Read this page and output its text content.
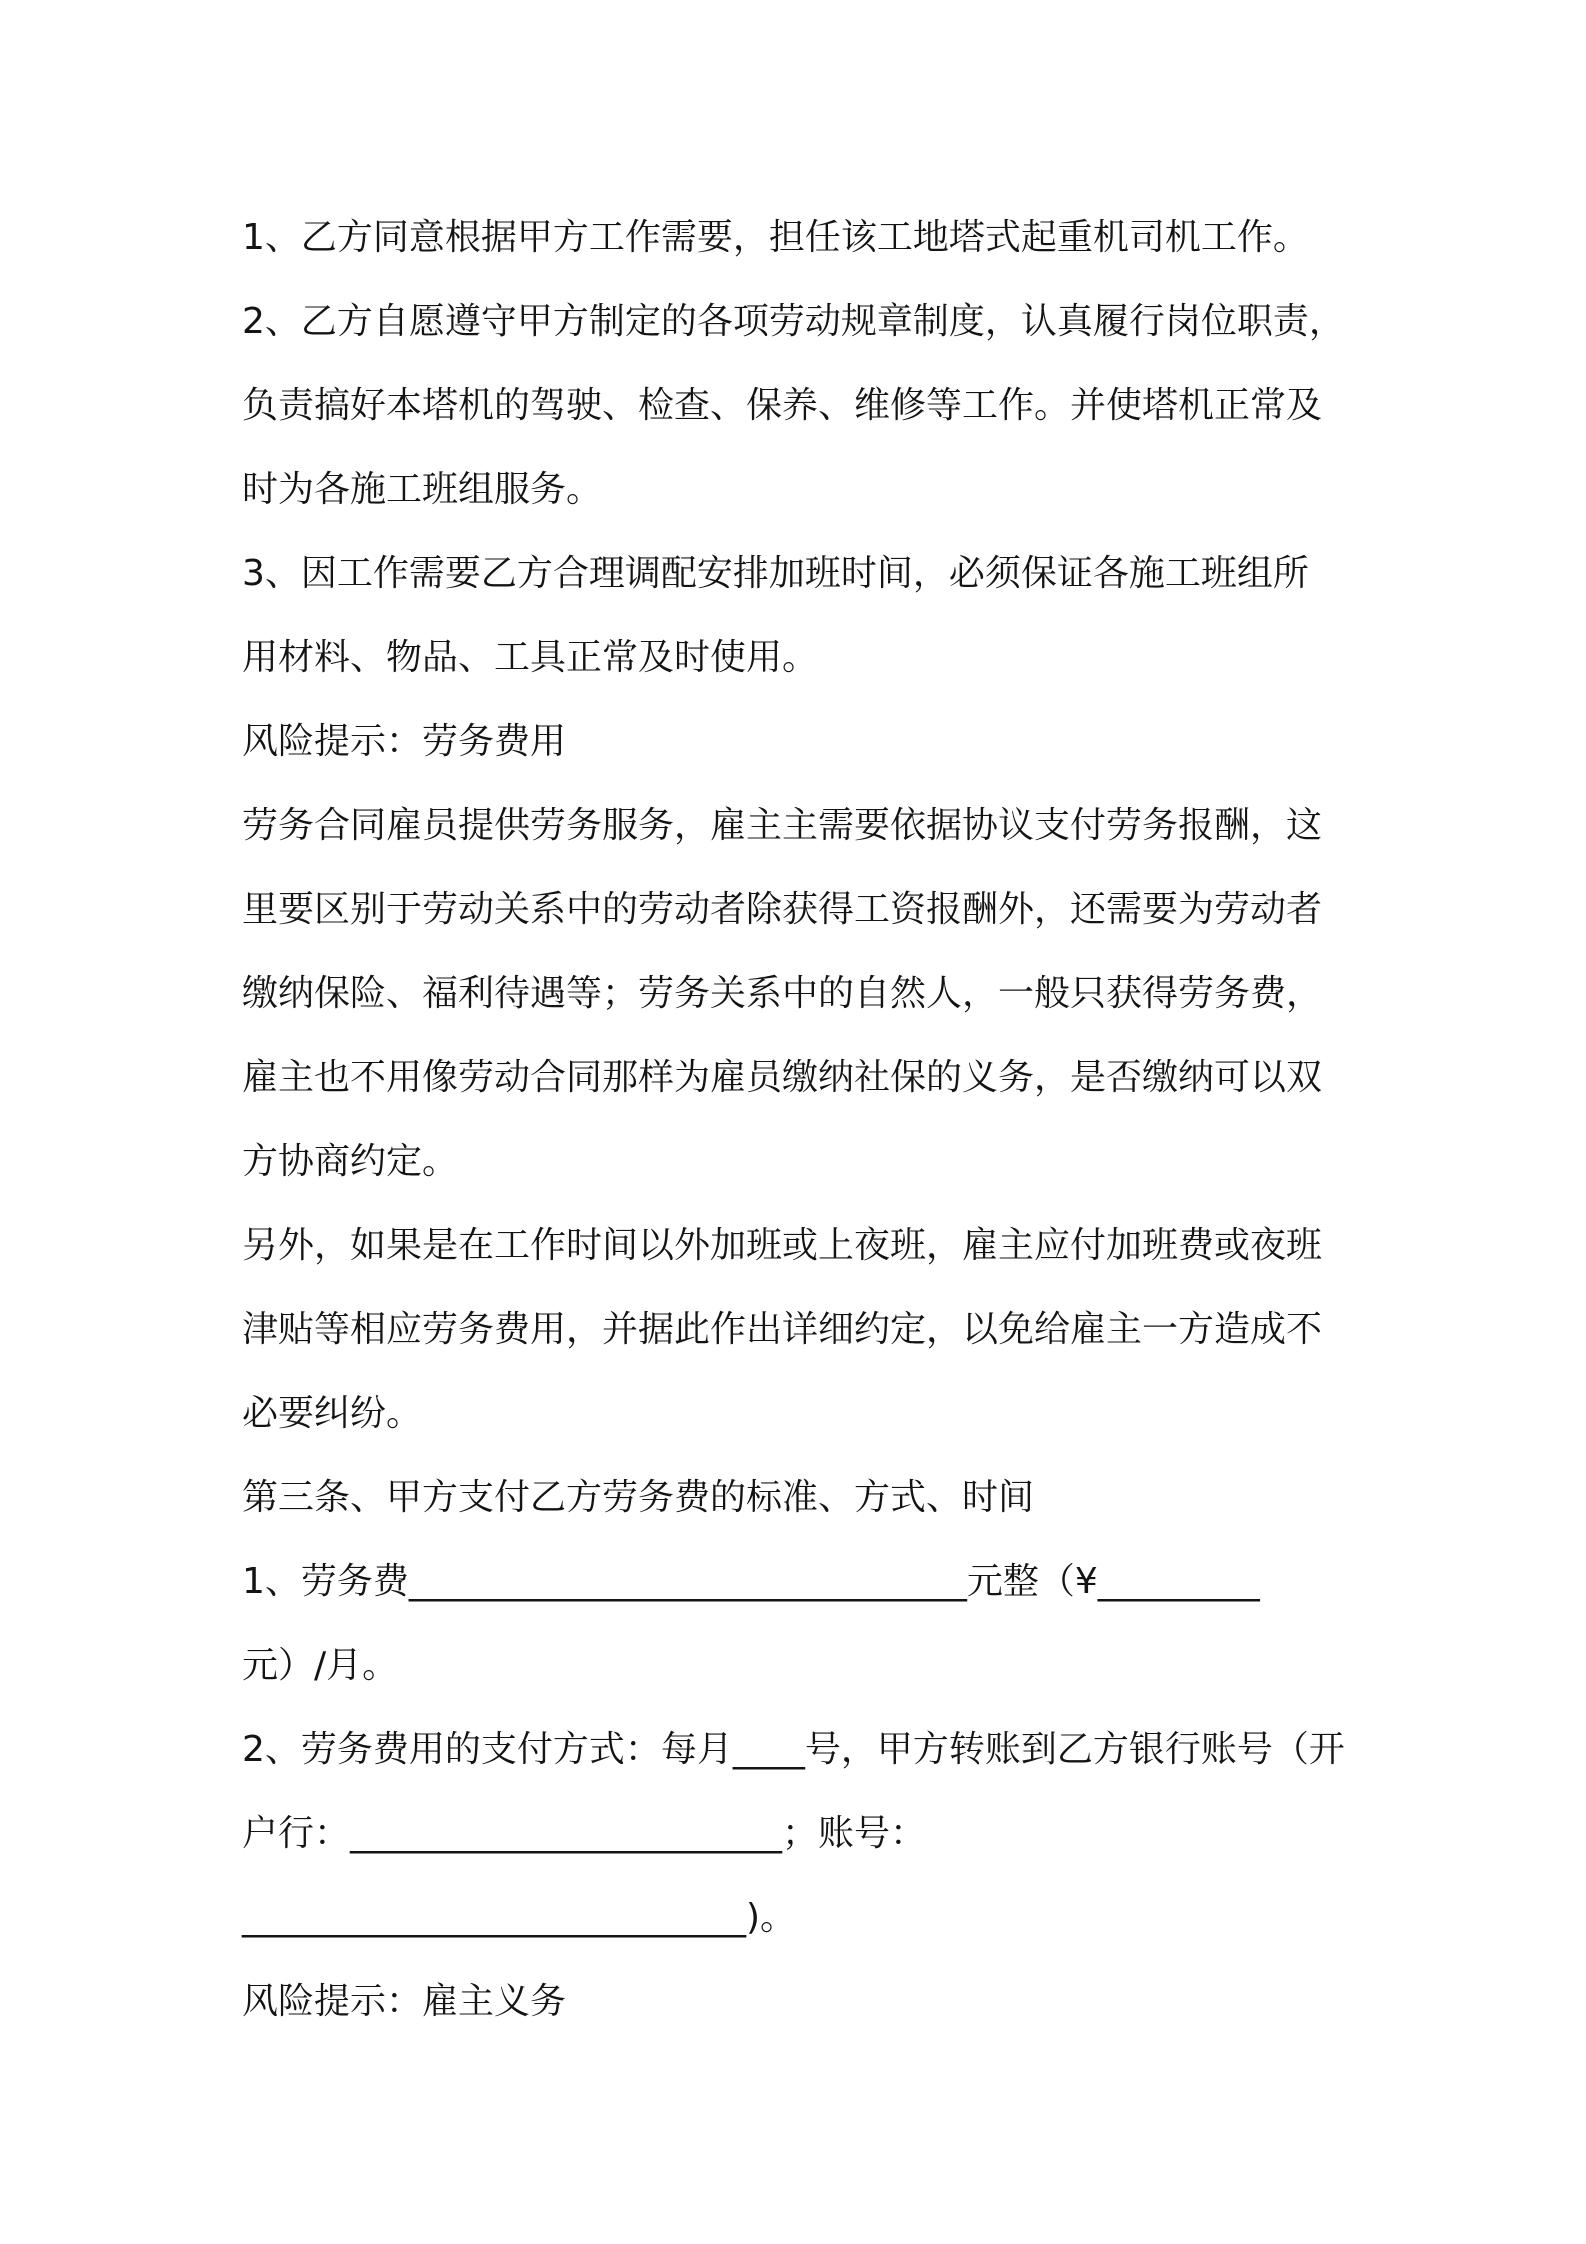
1、乙方同意根据甲方工作需要，担任该工地塔式起重机司机工作。
2、乙方自愿遵守甲方制定的各项劳动规章制度，认真履行岗位职责，
负责搞好本塔机的驾驶、检查、保养、维修等工作。并使塔机正常及
时为各施工班组服务。
3、因工作需要乙方合理调配安排加班时间，必须保证各施工班组所
用材料、物品、工具正常及时使用。
风险提示：劳务费用
劳务合同雇员提供劳务服务，雇主主需要依据协议支付劳务报酬，这
里要区别于劳动关系中的劳动者除获得工资报酬外，还需要为劳动者
缴纳保险、福利待遇等；劳务关系中的自然人，一般只获得劳务费，
雇主也不用像劳动合同那样为雇员缴纳社保的义务，是否缴纳可以双
方协商约定。
另外，如果是在工作时间以外加班或上夜班，雇主应付加班费或夜班
津贴等相应劳务费用，并据此作出详细约定，以免给雇主一方造成不
必要纠纷。
第三条、甲方支付乙方劳务费的标准、方式、时间
1、劳务费_______________________________元整（¥_________
元）/月。
2、劳务费用的支付方式：每月____号，甲方转账到乙方银行账号（开
户行：________________________；账号：
____________________________)。
风险提示：雇主义务
